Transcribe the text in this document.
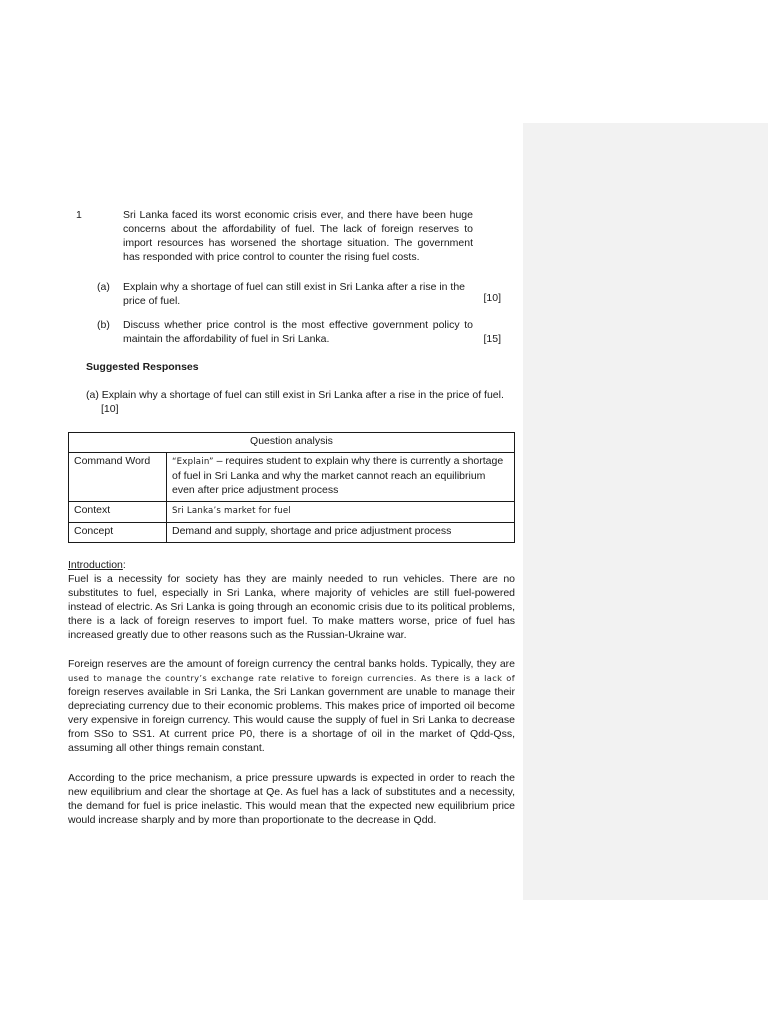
1	Sri Lanka faced its worst economic crisis ever, and there have been huge concerns about the affordability of fuel. The lack of foreign reserves to import resources has worsened the shortage situation. The government has responded with price control to counter the rising fuel costs.
(a) Explain why a shortage of fuel can still exist in Sri Lanka after a rise in the price of fuel.	[10]
(b) Discuss whether price control is the most effective government policy to maintain the affordability of fuel in Sri Lanka.	[15]
Suggested Responses
(a) Explain why a shortage of fuel can still exist in Sri Lanka after a rise in the price of fuel.
[10]
Question analysis	
Command Word	“Explain” – requires student to explain why there is currently a shortage of fuel in Sri Lanka and why the market cannot reach an equilibrium even after price adjustment process
Context	Sri Lanka’s market for fuel
Concept	Demand and supply, shortage and price adjustment process
Introduction:
Fuel is a necessity for society has they are mainly needed to run vehicles. There are no substitutes to fuel, especially in Sri Lanka, where majority of vehicles are still fuel-powered instead of electric. As Sri Lanka is going through an economic crisis due to its political problems, there is a lack of foreign reserves to import fuel. To make matters worse, price of fuel has increased greatly due to other reasons such as the Russian-Ukraine war.
Foreign reserves are the amount of foreign currency the central banks holds. Typically, they are used to manage the country’s exchange rate relative to foreign currencies. As there is a lack of foreign reserves available in Sri Lanka, the Sri Lankan government are unable to manage their depreciating currency due to their economic problems. This makes price of imported oil become very expensive in foreign currency. This would cause the supply of fuel in Sri Lanka to decrease from SSo to SS1. At current price P0, there is a shortage of oil in the market of Qdd-Qss, assuming all other things remain constant.
According to the price mechanism, a price pressure upwards is expected in order to reach the new equilibrium and clear the shortage at Qe. As fuel has a lack of substitutes and a necessity, the demand for fuel is price inelastic. This would mean that the expected new equilibrium price would increase sharply and by more than proportionate to the decrease in Qdd.
